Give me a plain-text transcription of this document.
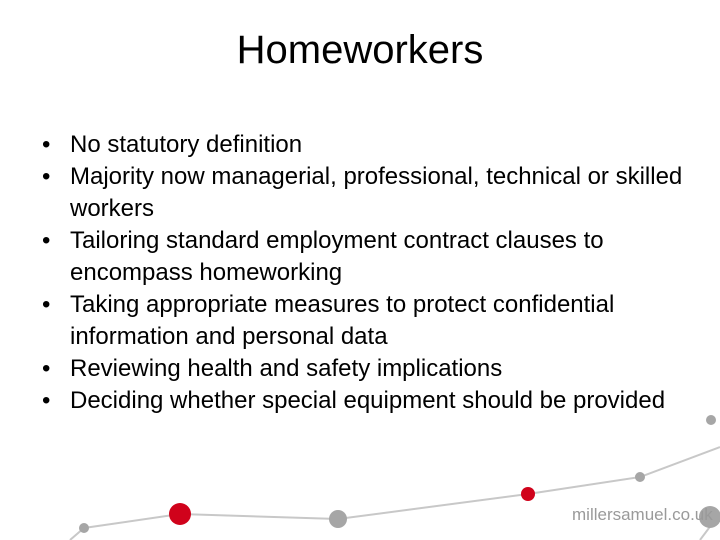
Homeworkers
• No statutory definition
• Majority now managerial, professional, technical or skilled workers
• Tailoring standard employment contract clauses to encompass homeworking
• Taking appropriate measures to protect confidential information and personal data
• Reviewing health and safety implications
• Deciding whether special equipment should be provided
millersamuel.co.uk
